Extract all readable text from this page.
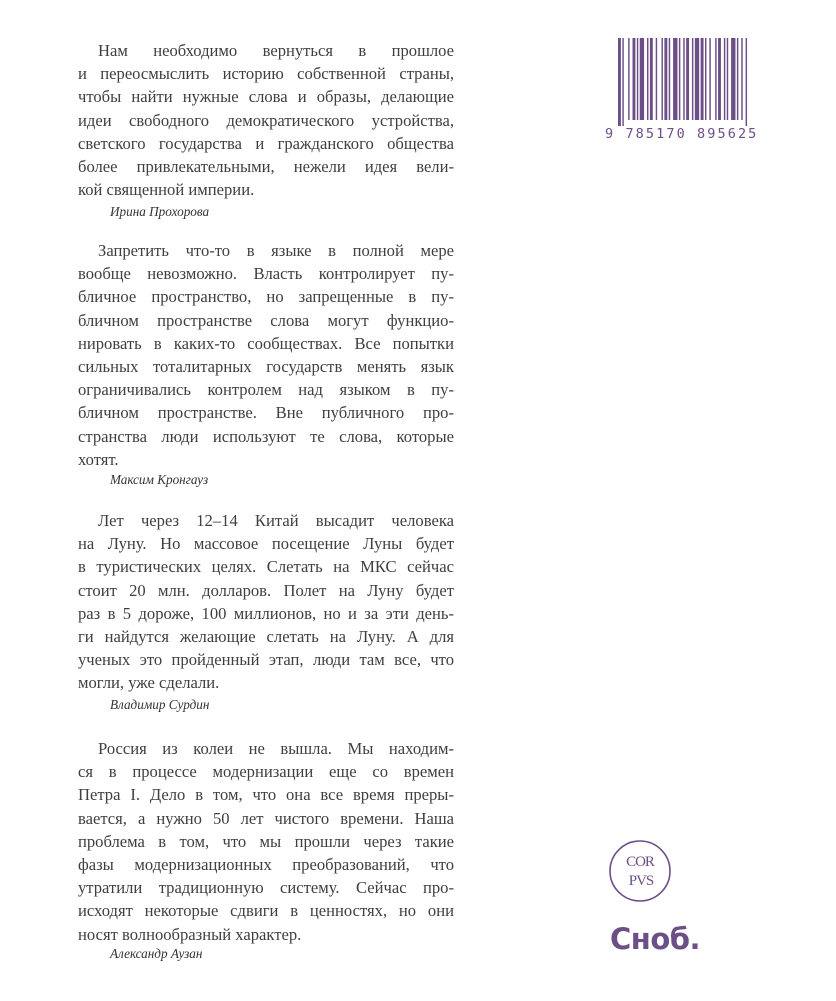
Нам необходимо вернуться в прошлое
и переосмыслить историю собственной страны,
чтобы найти нужные слова и образы, делающие
идеи свободного демократического устройства,
светского государства и гражданского общества
более привлекательными, нежели идея вели-
кой священной империи.
Ирина Прохорова
Запретить что-то в языке в полной мере
вообще невозможно. Власть контролирует пу-
бличное пространство, но запрещенные в пу-
бличном пространстве слова могут функцио-
нировать в каких-то сообществах. Все попытки
сильных тоталитарных государств менять язык
ограничивались контролем над языком в пу-
бличном пространстве. Вне публичного про-
странства люди используют те слова, которые
хотят.
Максим Кронгауз
Лет через 12–14 Китай высадит человека
на Луну. Но массовое посещение Луны будет
в туристических целях. Слетать на МКС сейчас
стоит 20 млн. долларов. Полет на Луну будет
раз в 5 дороже, 100 миллионов, но и за эти день-
ги найдутся желающие слетать на Луну. А для
ученых это пройденный этап, люди там все, что
могли, уже сделали.
Владимир Сурдин
Россия из колеи не вышла. Мы находим-
ся в процессе модернизации еще со времен
Петра I. Дело в том, что она все время преры-
вается, а нужно 50 лет чистого времени. Наша
проблема в том, что мы прошли через такие
фазы модернизационных преобразований, что
утратили традиционную систему. Сейчас про-
исходят некоторые сдвиги в ценностях, но они
носят волнообразный характер.
Александр Аузан
9 785170 895625
COR
PVS
Сноб.
